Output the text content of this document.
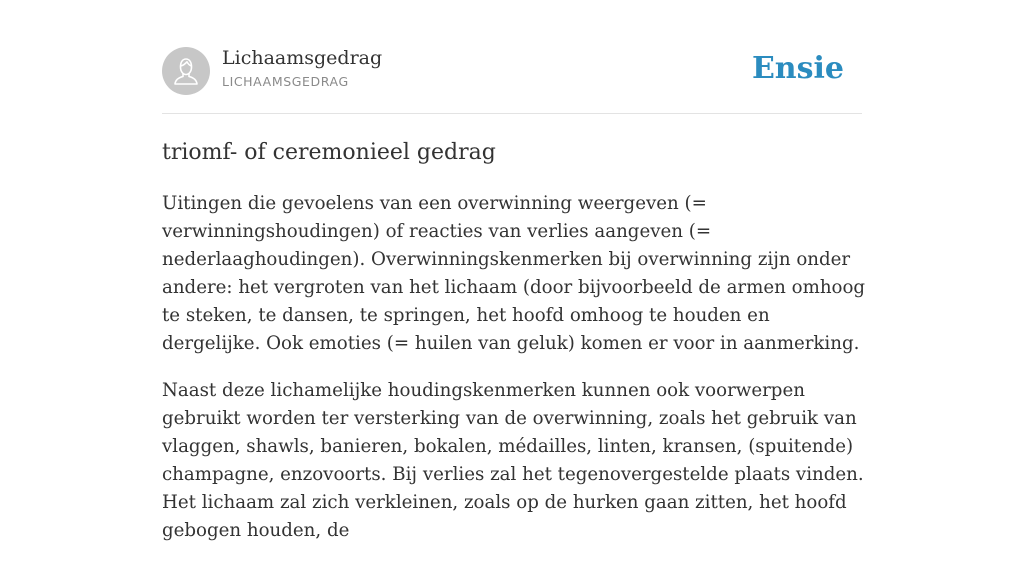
Lichaamsgedrag
LICHAAMSGEDRAG	Ensie
triomf- of ceremonieel gedrag

Uitingen die gevoelens van een overwinning weergeven (= verwinningshoudingen) of reacties van verlies aangeven (= nederlaaghoudingen). Overwinningskenmerken bij overwinning zijn onder andere: het vergroten van het lichaam (door bijvoorbeeld de armen omhoog te steken, te dansen, te springen, het hoofd omhoog te houden en dergelijke. Ook emoties (= huilen van geluk) komen er voor in aanmerking.

Naast deze lichamelijke houdingskenmerken kunnen ook voorwerpen gebruikt worden ter versterking van de overwinning, zoals het gebruik van vlaggen, shawls, banieren, bokalen, médailles, linten, kransen, (spuitende) champagne, enzovoorts. Bij verlies zal het tegenovergestelde plaats vinden. Het lichaam zal zich verkleinen, zoals op de hurken gaan zitten, het hoofd gebogen houden, de
